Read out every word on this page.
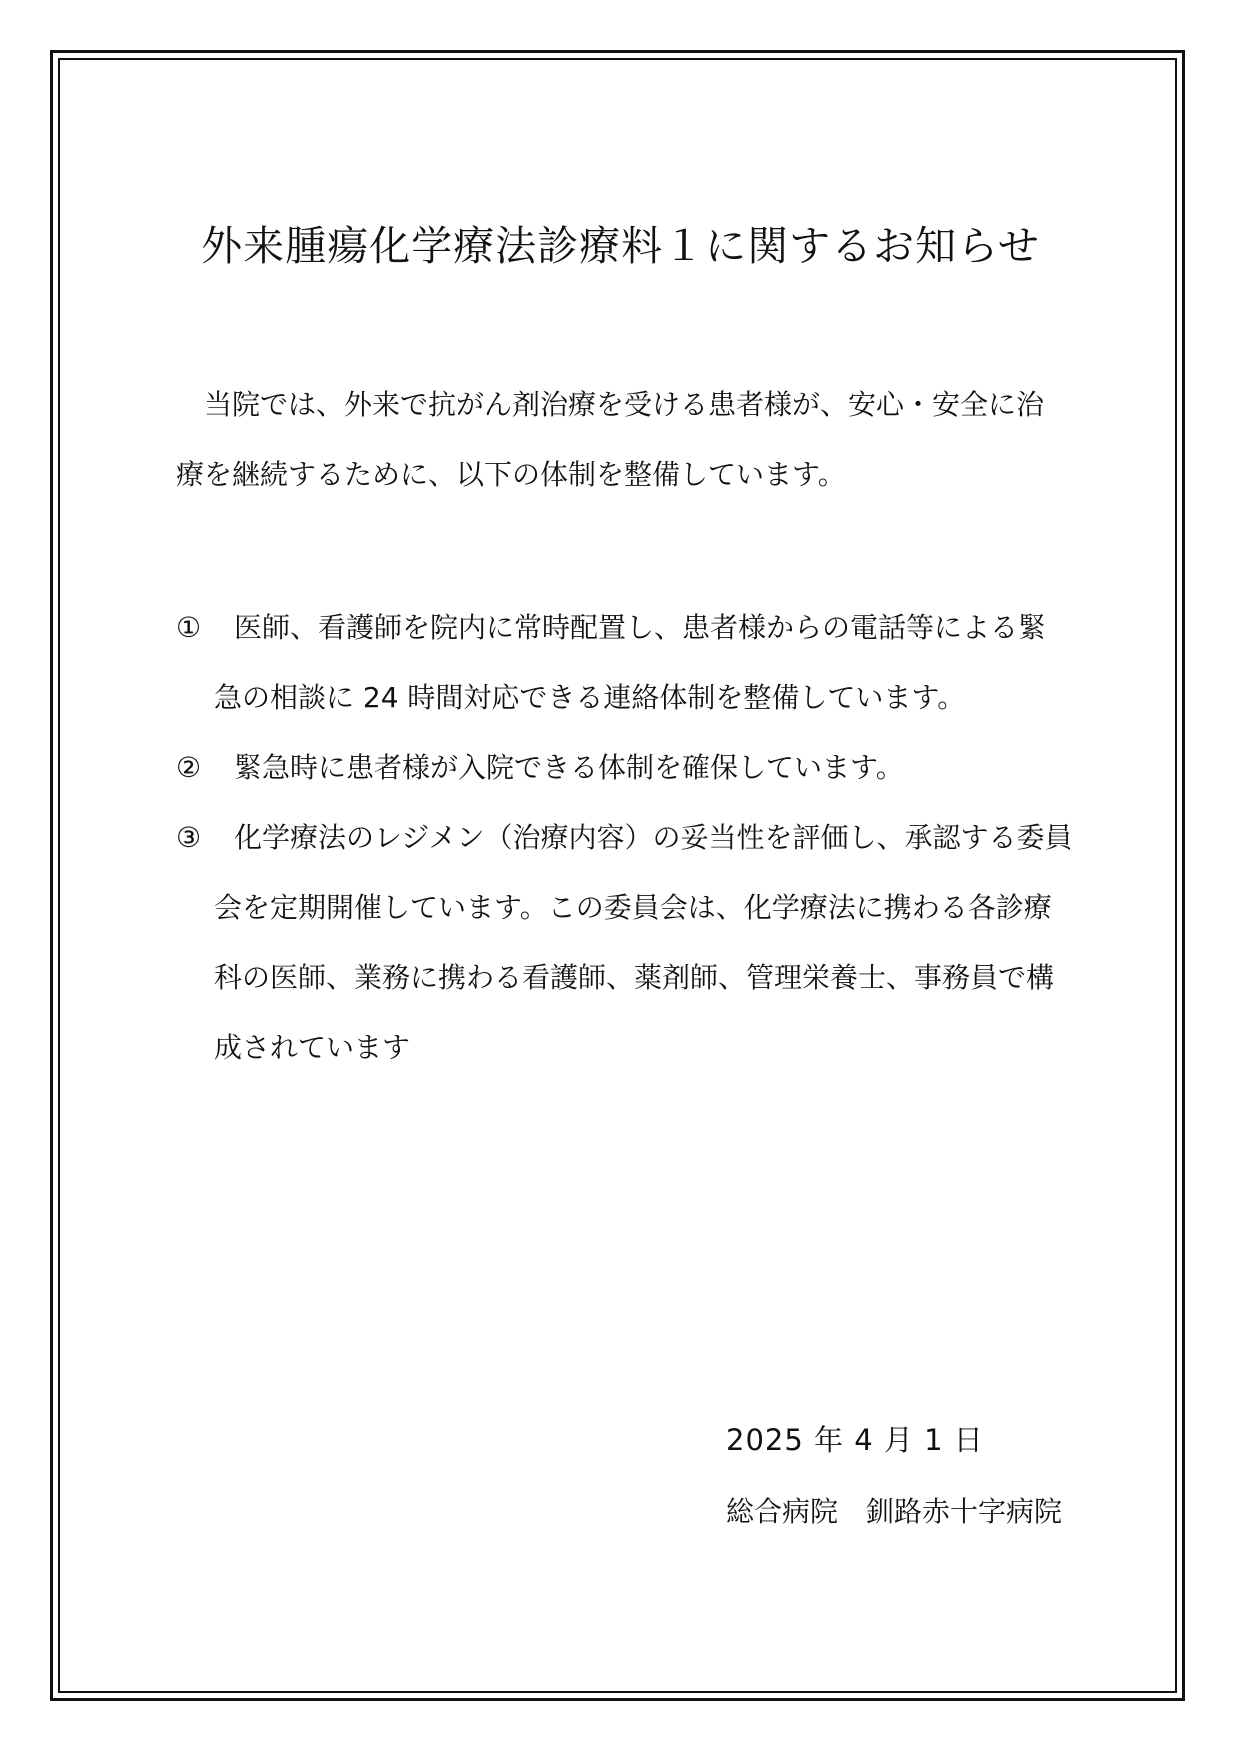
外来腫瘍化学療法診療料１に関するお知らせ
当院では、外来で抗がん剤治療を受ける患者様が、安心・安全に治
療を継続するために、以下の体制を整備しています。
①	医師、看護師を院内に常時配置し、患者様からの電話等による緊
急の相談に 24 時間対応できる連絡体制を整備しています。
②	緊急時に患者様が入院できる体制を確保しています。
③	化学療法のレジメン（治療内容）の妥当性を評価し、承認する委員
会を定期開催しています。この委員会は、化学療法に携わる各診療
科の医師、業務に携わる看護師、薬剤師、管理栄養士、事務員で構
成されています
2025 年 4 月 1 日
総合病院　釧路赤十字病院
